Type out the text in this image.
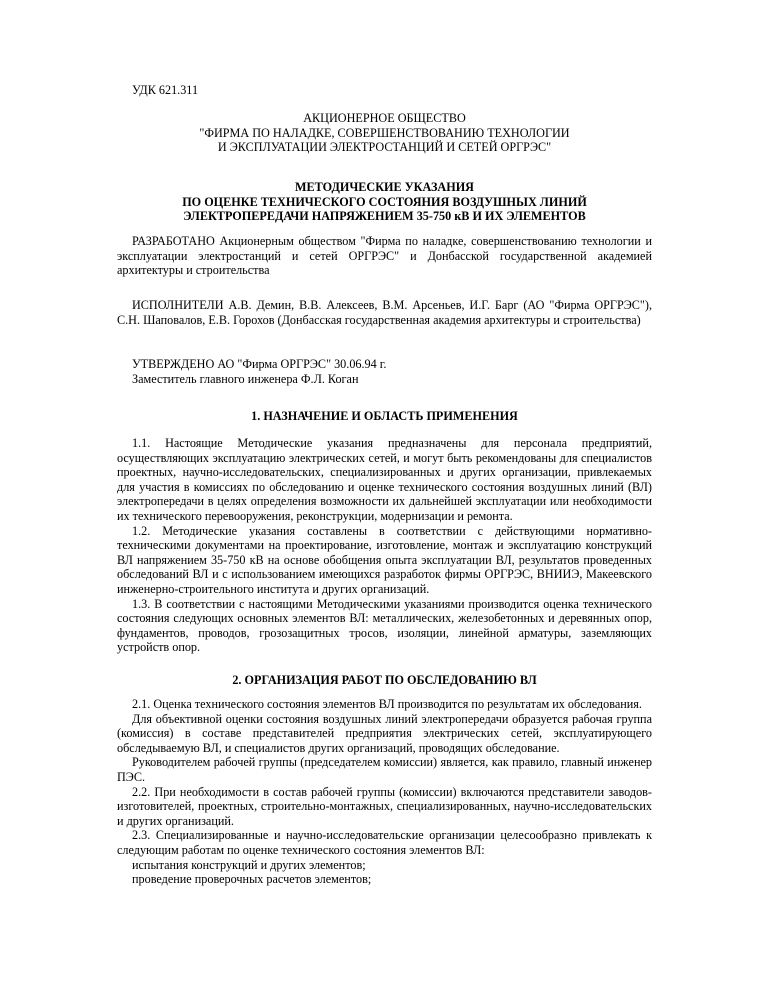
УДК 621.311
АКЦИОНЕРНОЕ ОБЩЕСТВО
"ФИРМА ПО НАЛАДКЕ, СОВЕРШЕНСТВОВАНИЮ ТЕХНОЛОГИИ
И ЭКСПЛУАТАЦИИ ЭЛЕКТРОСТАНЦИЙ И СЕТЕЙ ОРГРЭС"
МЕТОДИЧЕСКИЕ УКАЗАНИЯ
ПО ОЦЕНКЕ ТЕХНИЧЕСКОГО СОСТОЯНИЯ ВОЗДУШНЫХ ЛИНИЙ
ЭЛЕКТРОПЕРЕДАЧИ НАПРЯЖЕНИЕМ 35-750 кВ И ИХ ЭЛЕМЕНТОВ

РАЗРАБОТАНО Акционерным обществом "Фирма по наладке, совершенствованию технологии и эксплуатации электростанций и сетей ОРГРЭС" и Донбасской государственной академией архитектуры и строительства

ИСПОЛНИТЕЛИ А.В. Демин, В.В. Алексеев, В.М. Арсеньев, И.Г. Барг (АО "Фирма ОРГРЭС"), С.Н. Шаповалов, Е.В. Горохов (Донбасская государственная академия архитектуры и строительства)

УТВЕРЖДЕНО АО "Фирма ОРГРЭС" 30.06.94 г.

Заместитель главного инженера Ф.Л. Коган

1. НАЗНАЧЕНИЕ И ОБЛАСТЬ ПРИМЕНЕНИЯ

1.1. Настоящие Методические указания предназначены для персонала предприятий, осуществляющих эксплуатацию электрических сетей, и могут быть рекомендованы для специалистов проектных, научно-исследовательских, специализированных и других организации, привлекаемых для участия в комиссиях по обследованию и оценке технического состояния воздушных линий (ВЛ) электропередачи в целях определения возможности их дальнейшей эксплуатации или необходимости их технического перевооружения, реконструкции, модернизации и ремонта.

1.2. Методические указания составлены в соответствии с действующими нормативно-техническими документами на проектирование, изготовление, монтаж и эксплуатацию конструкций ВЛ напряжением 35-750 кВ на основе обобщения опыта эксплуатации ВЛ, результатов проведенных обследований ВЛ и с использованием имеющихся разработок фирмы ОРГРЭС, ВНИИЭ, Макеевского инженерно-строительного института и других организаций.

1.3. В соответствии с настоящими Методическими указаниями производится оценка технического состояния следующих основных элементов ВЛ: металлических, железобетонных и деревянных опор, фундаментов, проводов, грозозащитных тросов, изоляции, линейной арматуры, заземляющих устройств опор.

2. ОРГАНИЗАЦИЯ РАБОТ ПО ОБСЛЕДОВАНИЮ ВЛ

2.1. Оценка технического состояния элементов ВЛ производится по результатам их обследования.

Для объективной оценки состояния воздушных линий электропередачи образуется рабочая группа (комиссия) в составе представителей предприятия электрических сетей, эксплуатирующего обследываемую ВЛ, и специалистов других организаций, проводящих обследование.

Руководителем рабочей группы (председателем комиссии) является, как правило, главный инженер ПЭС.

2.2. При необходимости в состав рабочей группы (комиссии) включаются представители заводов-изготовителей, проектных, строительно-монтажных, специализированных, научно-исследовательских и других организаций.

2.3. Специализированные и научно-исследовательские организации целесообразно привлекать к следующим работам по оценке технического состояния элементов ВЛ:

испытания конструкций и других элементов;

проведение проверочных расчетов элементов;
